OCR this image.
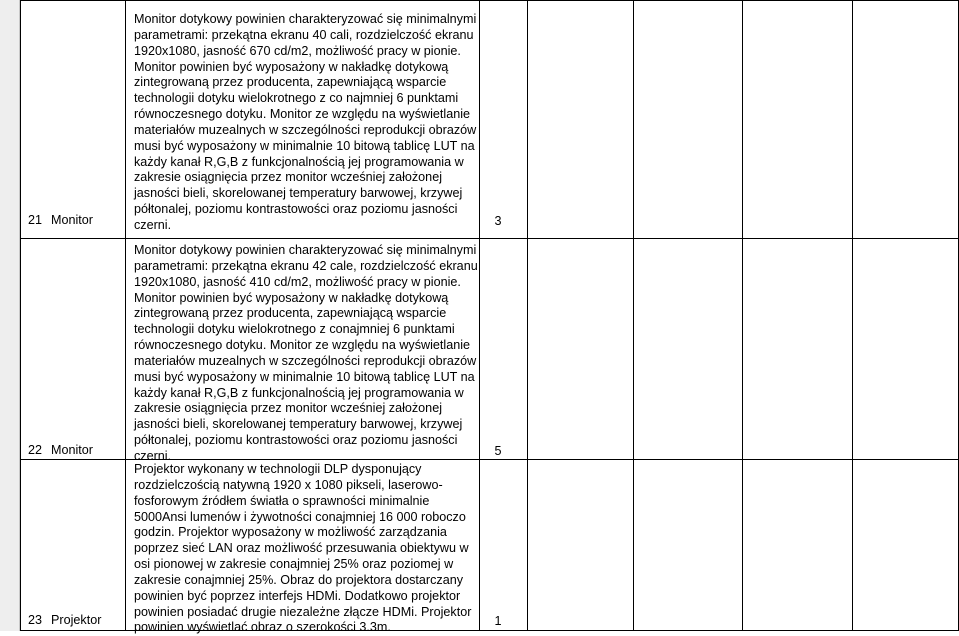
21 Monitor
Monitor dotykowy powinien charakteryzować się minimalnymi
parametrami: przekątna ekranu 40 cali, rozdzielczość ekranu
1920x1080, jasność 670 cd/m2, możliwość pracy w pionie.
Monitor powinien być wyposażony w nakładkę dotykową
zintegrowaną przez producenta, zapewniającą wsparcie
technologii dotyku wielokrotnego z co najmniej 6 punktami
równoczesnego dotyku. Monitor ze względu na wyświetlanie
materiałów muzealnych w szczególności reprodukcji obrazów
musi być wyposażony w minimalnie 10 bitową tablicę LUT na
każdy kanał R,G,B z funkcjonalnością jej programowania w
zakresie osiągnięcia przez monitor wcześniej założonej
jasności bieli, skorelowanej temperatury barwowej, krzywej
półtonalej, poziomu kontrastowości oraz poziomu jasności
czerni.	3
22 Monitor
Monitor dotykowy powinien charakteryzować się minimalnymi
parametrami: przekątna ekranu 42 cale, rozdzielczość ekranu
1920x1080, jasność 410 cd/m2, możliwość pracy w pionie.
Monitor powinien być wyposażony w nakładkę dotykową
zintegrowaną przez producenta, zapewniającą wsparcie
technologii dotyku wielokrotnego z conajmniej 6 punktami
równoczesnego dotyku. Monitor ze względu na wyświetlanie
materiałów muzealnych w szczególności reprodukcji obrazów
musi być wyposażony w minimalnie 10 bitową tablicę LUT na
każdy kanał R,G,B z funkcjonalnością jej programowania w
zakresie osiągnięcia przez monitor wcześniej założonej
jasności bieli, skorelowanej temperatury barwowej, krzywej
półtonalej, poziomu kontrastowości oraz poziomu jasności
czerni.	5
23 Projektor
Projektor wykonany w technologii DLP dysponujący
rozdzielczością natywną 1920 x 1080 pikseli, laserowo-
fosforowym źródłem światła o sprawności minimalnie
5000Ansi lumenów i żywotności conajmniej 16 000 roboczo
godzin. Projektor wyposażony w możliwość zarządzania
poprzez sieć LAN oraz możliwość przesuwania obiektywu w
osi pionowej w zakresie conajmniej 25% oraz poziomej w
zakresie conajmniej 25%. Obraz do projektora dostarczany
powinien być poprzez interfejs HDMi. Dodatkowo projektor
powinien posiadać drugie niezależne złącze HDMi. Projektor
powinien wyświetlać obraz o szerokości 3.3m.	1
